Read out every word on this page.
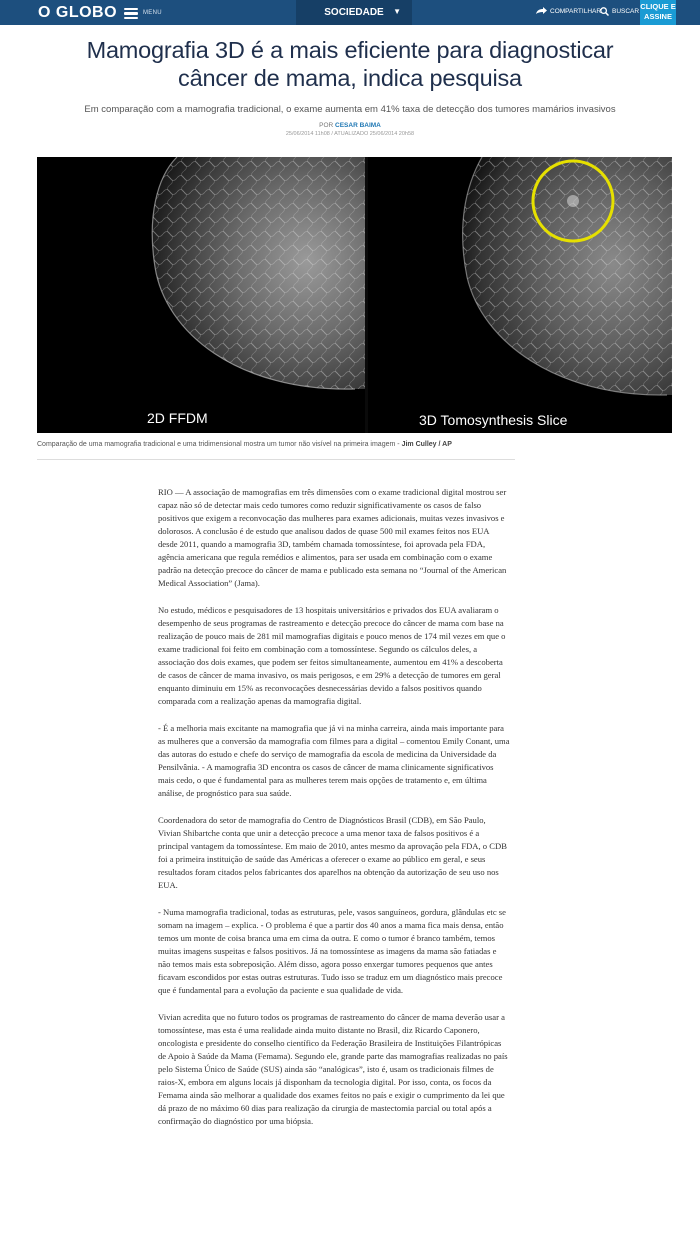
O GLOBO	MENU	SOCIEDADE ▼	COMPARTILHAR BUSCAR
CLIQUE E
ASSINE
Mamografia 3D é a mais eficiente para diagnosticar
câncer de mama, indica pesquisa
Em comparação com a mamografia tradicional, o exame aumenta em 41% taxa de detecção dos tumores mamários invasivos
POR CESAR BAIMA
25/06/2014 11h08 / ATUALIZADO 25/06/2014 20h58
2D FFDM	3D Tomosynthesis Slice
Comparação de uma mamografia tradicional e uma tridimensional mostra um tumor não visível na primeira imagem - Jim Culley / AP

RIO — A associação de mamografias em três dimensões com o exame tradicional digital mostrou ser capaz não só de detectar mais cedo tumores como reduzir significativamente os casos de falso positivos que exigem a reconvocação das mulheres para exames adicionais, muitas vezes invasivos e dolorosos. A conclusão é de estudo que analisou dados de quase 500 mil exames feitos nos EUA desde 2011, quando a mamografia 3D, também chamada tomossíntese, foi aprovada pela FDA, agência americana que regula remédios e alimentos, para ser usada em combinação com o exame padrão na detecção precoce do câncer de mama e publicado esta semana no “Journal of the American Medical Association” (Jama).

No estudo, médicos e pesquisadores de 13 hospitais universitários e privados dos EUA avaliaram o desempenho de seus programas de rastreamento e detecção precoce do câncer de mama com base na realização de pouco mais de 281 mil mamografias digitais e pouco menos de 174 mil vezes em que o exame tradicional foi feito em combinação com a tomossíntese. Segundo os cálculos deles, a associação dos dois exames, que podem ser feitos simultaneamente, aumentou em 41% a descoberta de casos de câncer de mama invasivo, os mais perigosos, e em 29% a detecção de tumores em geral enquanto diminuiu em 15% as reconvocações desnecessárias devido a falsos positivos quando comparada com a realização apenas da mamografia digital.

- É a melhoria mais excitante na mamografia que já vi na minha carreira, ainda mais importante para as mulheres que a conversão da mamografia com filmes para a digital – comentou Emily Conant, uma das autoras do estudo e chefe do serviço de mamografia da escola de medicina da Universidade da Pensilvânia. - A mamografia 3D encontra os casos de câncer de mama clinicamente significativos mais cedo, o que é fundamental para as mulheres terem mais opções de tratamento e, em última análise, de prognóstico para sua saúde.

Coordenadora do setor de mamografia do Centro de Diagnósticos Brasil (CDB), em São Paulo, Vivian Shibartche conta que unir a detecção precoce a uma menor taxa de falsos positivos é a principal vantagem da tomossíntese. Em maio de 2010, antes mesmo da aprovação pela FDA, o CDB foi a primeira instituição de saúde das Américas a oferecer o exame ao público em geral, e seus resultados foram citados pelos fabricantes dos aparelhos na obtenção da autorização de seu uso nos EUA.

- Numa mamografia tradicional, todas as estruturas, pele, vasos sanguíneos, gordura, glândulas etc se somam na imagem – explica. - O problema é que a partir dos 40 anos a mama fica mais densa, então temos um monte de coisa branca uma em cima da outra. E como o tumor é branco também, temos muitas imagens suspeitas e falsos positivos. Já na tomossíntese as imagens da mama são fatiadas e não temos mais esta sobreposição. Além disso, agora posso enxergar tumores pequenos que antes ficavam escondidos por estas outras estruturas. Tudo isso se traduz em um diagnóstico mais precoce que é fundamental para a evolução da paciente e sua qualidade de vida.

Vivian acredita que no futuro todos os programas de rastreamento do câncer de mama deverão usar a tomossíntese, mas esta é uma realidade ainda muito distante no Brasil, diz Ricardo Caponero, oncologista e presidente do conselho científico da Federação Brasileira de Instituições Filantrópicas de Apoio à Saúde da Mama (Femama). Segundo ele, grande parte das mamografias realizadas no país pelo Sistema Único de Saúde (SUS) ainda são “analógicas”, isto é, usam os tradicionais filmes de raios-X, embora em alguns locais já disponham da tecnologia digital. Por isso, conta, os focos da Femama ainda são melhorar a qualidade dos exames feitos no país e exigir o cumprimento da lei que dá prazo de no máximo 60 dias para realização da cirurgia de mastectomia parcial ou total após a confirmação do diagnóstico por uma biópsia.
